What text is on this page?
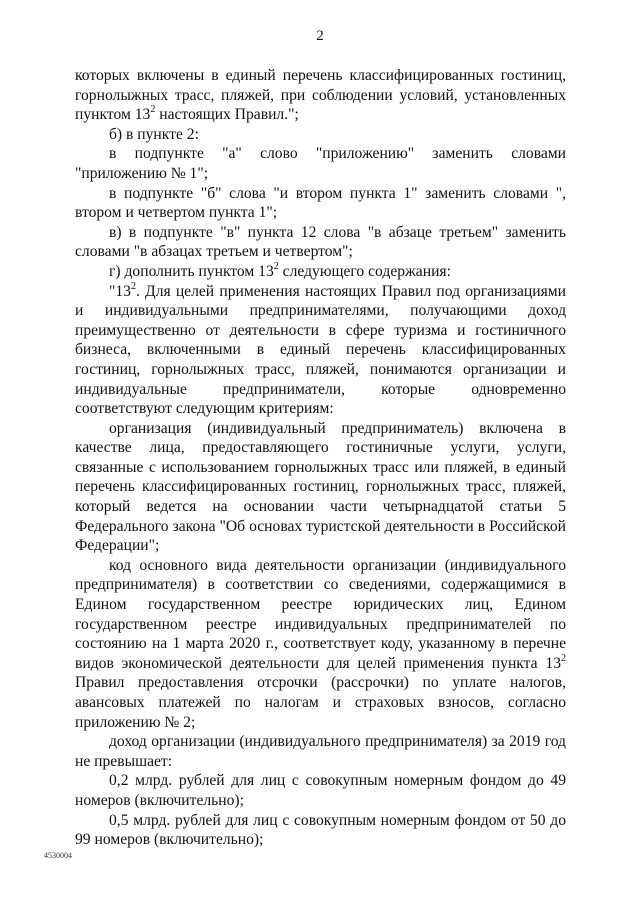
2

которых включены в единый перечень классифицированных гостиниц, горнолыжных трасс, пляжей, при соблюдении условий, установленных пунктом $13^2$ настоящих Правил.";

б) в пункте 2:

в подпункте "а" слово "приложению" заменить словами "приложению № 1";

в подпункте "б" слова "и втором пункта 1" заменить словами ", втором и четвертом пункта 1";

в) в подпункте "в" пункта 12 слова "в абзаце третьем" заменить словами "в абзацах третьем и четвертом";

г) дополнить пунктом $13^2$ следующего содержания:

"$13^2$. Для целей применения настоящих Правил под организациями и индивидуальными предпринимателями, получающими доход преимущественно от деятельности в сфере туризма и гостиничного бизнеса, включенными в единый перечень классифицированных гостиниц, горнолыжных трасс, пляжей, понимаются организации и индивидуальные предприниматели, которые одновременно соответствуют следующим критериям:

организация (индивидуальный предприниматель) включена в качестве лица, предоставляющего гостиничные услуги, услуги, связанные с использованием горнолыжных трасс или пляжей, в единый перечень классифицированных гостиниц, горнолыжных трасс, пляжей, который ведется на основании части четырнадцатой статьи 5 Федерального закона "Об основах туристской деятельности в Российской Федерации";

код основного вида деятельности организации (индивидуального предпринимателя) в соответствии со сведениями, содержащимися в Едином государственном реестре юридических лиц, Едином государственном реестре индивидуальных предпринимателей по состоянию на 1 марта 2020 г., соответствует коду, указанному в перечне видов экономической деятельности для целей применения пункта $13^2$ Правил предоставления отсрочки (рассрочки) по уплате налогов, авансовых платежей по налогам и страховых взносов, согласно приложению № 2;

доход организации (индивидуального предпринимателя) за 2019 год не превышает:

0,2 млрд. рублей для лиц с совокупным номерным фондом до 49 номеров (включительно);

0,5 млрд. рублей для лиц с совокупным номерным фондом от 50 до 99 номеров (включительно);

4530004
